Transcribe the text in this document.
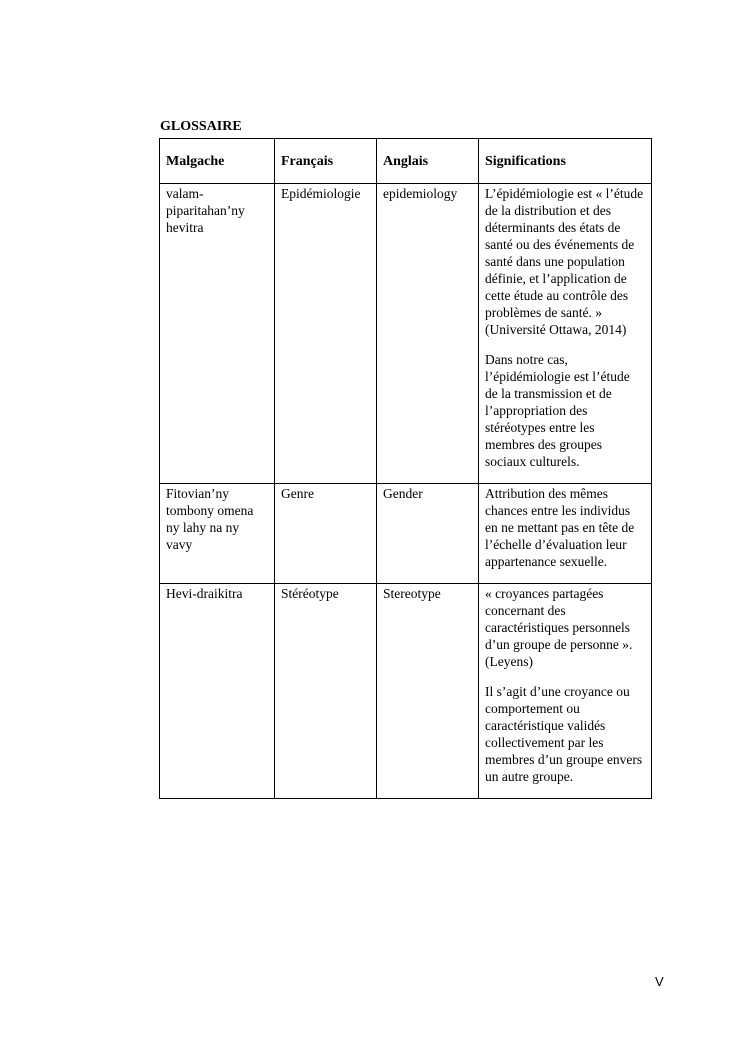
GLOSSAIRE
Malgache	Français	Anglais	Significations
valam-piparitahan’ny hevitra	Epidémiologie	epidemiology	L’épidémiologie est « l’étude de la distribution et des déterminants des états de santé ou des événements de santé dans une population définie, et l’application de cette étude au contrôle des problèmes de santé. » (Université Ottawa, 2014)

Dans notre cas, l’épidémiologie est l’étude de la transmission et de l’appropriation des stéréotypes entre les membres des groupes sociaux culturels.

Fitovian’ny tombony omena ny lahy na ny vavy	Genre	Gender	Attribution des mêmes chances entre les individus en ne mettant pas en tête de l’échelle d’évaluation leur appartenance sexuelle.

Hevi-draikitra	Stéréotype	Stereotype	« croyances partagées concernant des caractéristiques personnels d’un groupe de personne ». (Leyens)

Il s’agit d’une croyance ou comportement ou caractéristique validés collectivement par les membres d’un groupe envers un autre groupe.

V
